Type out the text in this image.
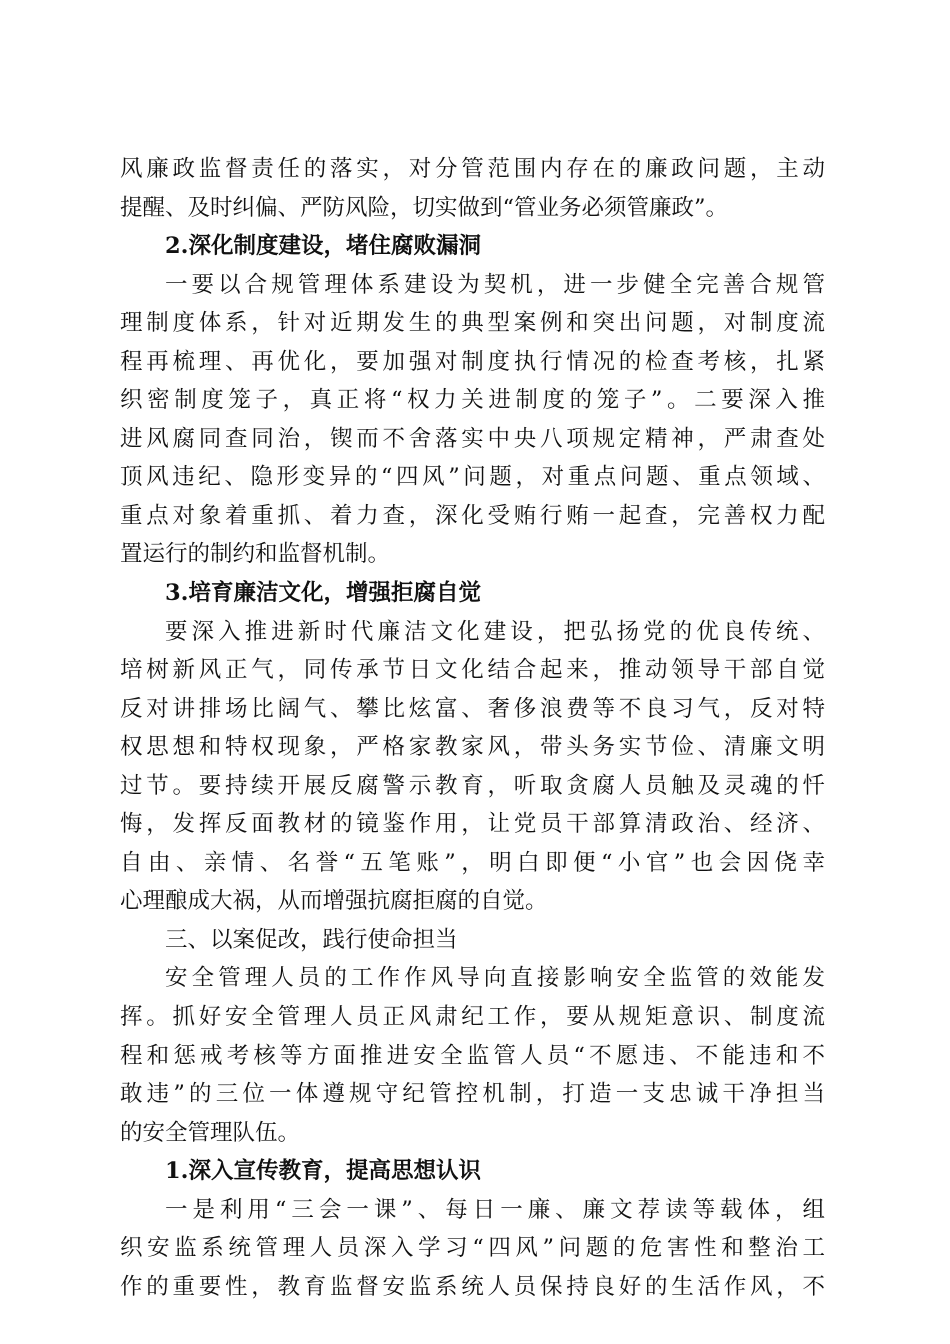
风廉政监督责任的落实，对分管范围内存在的廉政问题，主动
提醒、及时纠偏、严防风险，切实做到“管业务必须管廉政”。
2.深化制度建设，堵住腐败漏洞
一要以合规管理体系建设为契机，进一步健全完善合规管
理制度体系，针对近期发生的典型案例和突出问题，对制度流
程再梳理、再优化，要加强对制度执行情况的检查考核，扎紧
织密制度笼子，真正将“权力关进制度的笼子”。二要深入推
进风腐同查同治，锲而不舍落实中央八项规定精神，严肃查处
顶风违纪、隐形变异的“四风”问题，对重点问题、重点领域、
重点对象着重抓、着力查，深化受贿行贿一起查，完善权力配
置运行的制约和监督机制。
3.培育廉洁文化，增强拒腐自觉
要深入推进新时代廉洁文化建设，把弘扬党的优良传统、
培树新风正气，同传承节日文化结合起来，推动领导干部自觉
反对讲排场比阔气、攀比炫富、奢侈浪费等不良习气，反对特
权思想和特权现象，严格家教家风，带头务实节俭、清廉文明
过节。要持续开展反腐警示教育，听取贪腐人员触及灵魂的忏
悔，发挥反面教材的镜鉴作用，让党员干部算清政治、经济、
自由、亲情、名誉“五笔账”，明白即便“小官”也会因侥幸
心理酿成大祸，从而增强抗腐拒腐的自觉。
三、以案促改，践行使命担当
安全管理人员的工作作风导向直接影响安全监管的效能发
挥。抓好安全管理人员正风肃纪工作，要从规矩意识、制度流
程和惩戒考核等方面推进安全监管人员“不愿违、不能违和不
敢违”的三位一体遵规守纪管控机制，打造一支忠诚干净担当
的安全管理队伍。
1.深入宣传教育，提高思想认识
一是利用“三会一课”、每日一廉、廉文荐读等载体，组
织安监系统管理人员深入学习“四风”问题的危害性和整治工
作的重要性，教育监督安监系统人员保持良好的生活作风，不
